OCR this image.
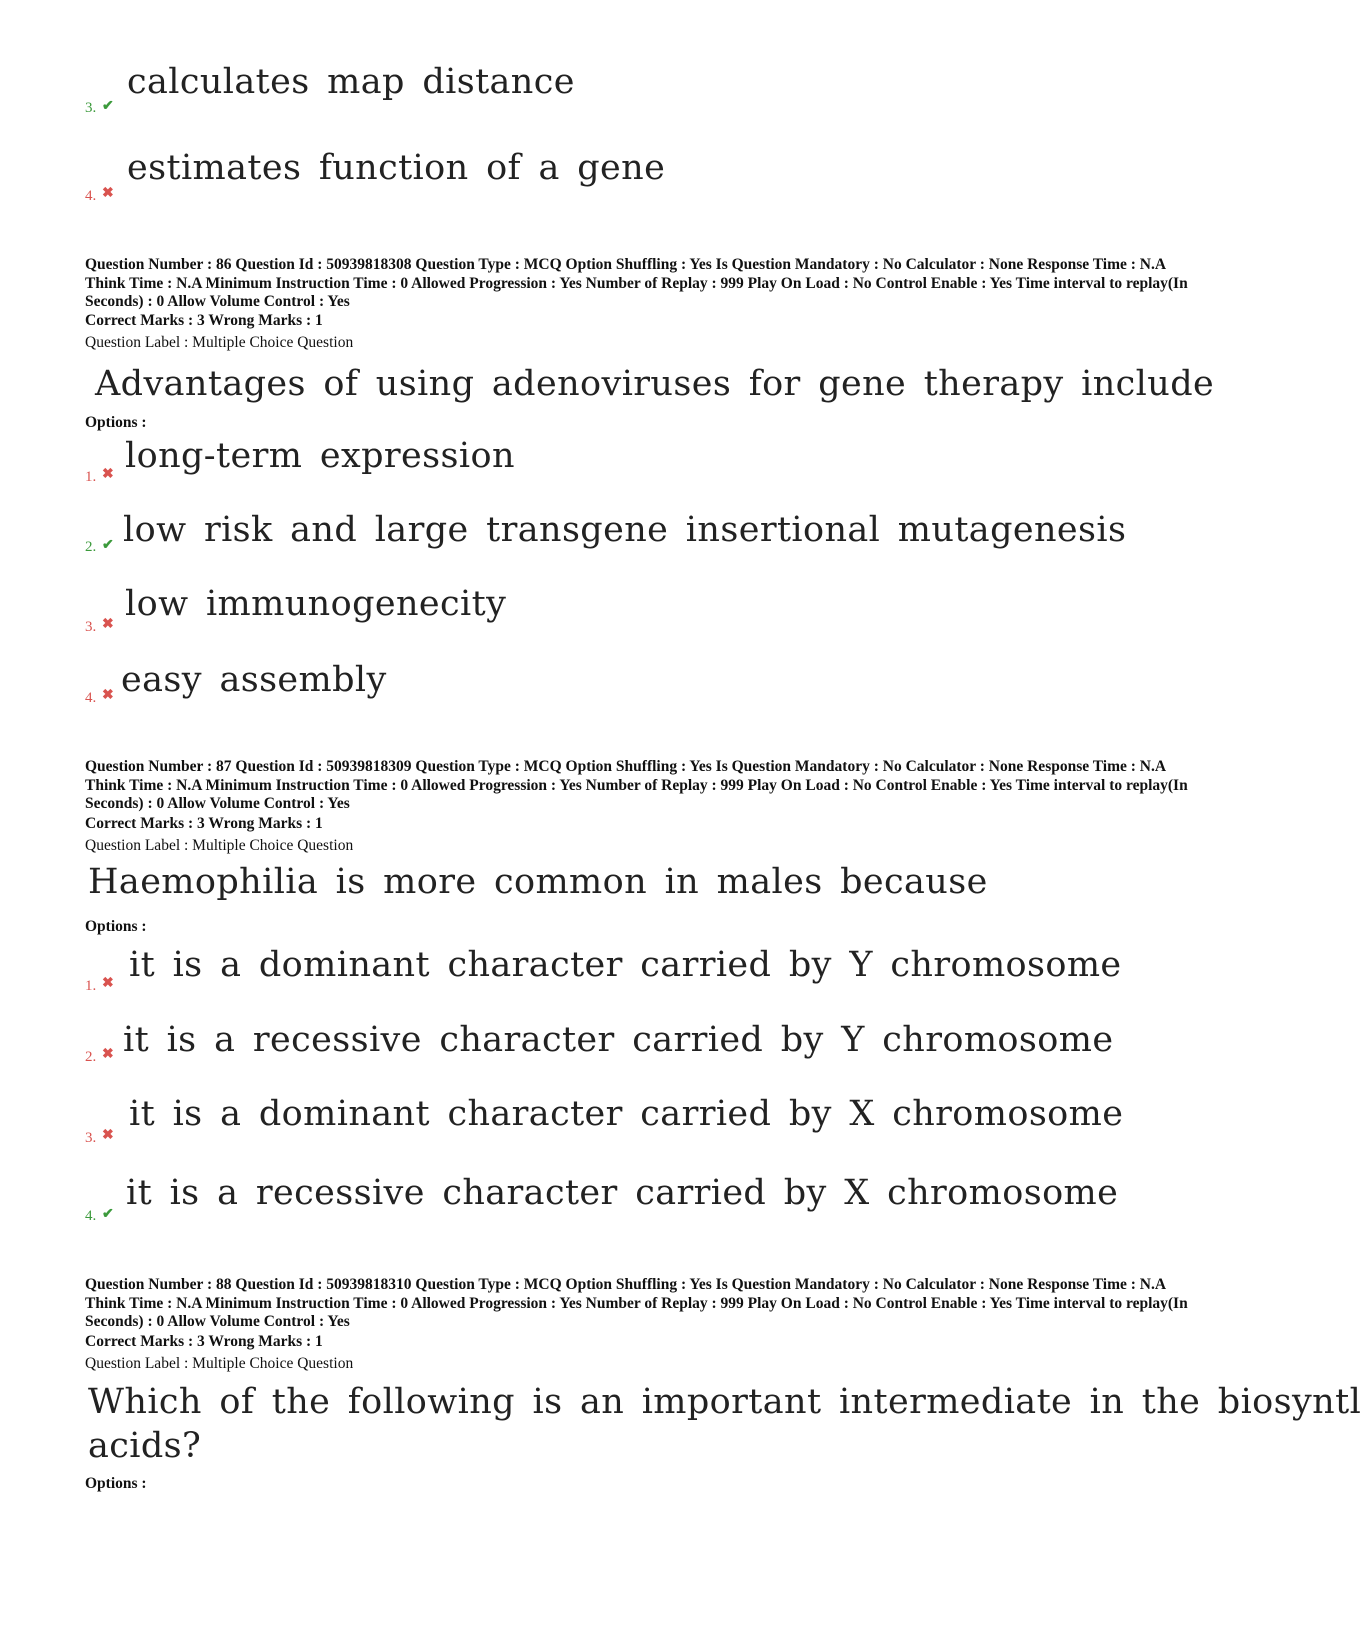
calculates map distance
3. ✔
estimates function of a gene
4. ✖
Question Number : 86 Question Id : 50939818308 Question Type : MCQ Option Shuffling : Yes Is Question Mandatory : No Calculator : None Response Time : N.A Think Time : N.A Minimum Instruction Time : 0 Allowed Progression : Yes Number of Replay : 999 Play On Load : No Control Enable : Yes Time interval to replay(In Seconds) : 0 Allow Volume Control : Yes
Correct Marks : 3 Wrong Marks : 1
Question Label : Multiple Choice Question
Advantages of using adenoviruses for gene therapy include
Options :
long-term expression
1. ✖
low risk and large transgene insertional mutagenesis
2. ✔
low immunogenecity
3. ✖
easy assembly
4. ✖
Question Number : 87 Question Id : 50939818309 Question Type : MCQ Option Shuffling : Yes Is Question Mandatory : No Calculator : None Response Time : N.A Think Time : N.A Minimum Instruction Time : 0 Allowed Progression : Yes Number of Replay : 999 Play On Load : No Control Enable : Yes Time interval to replay(In Seconds) : 0 Allow Volume Control : Yes
Correct Marks : 3 Wrong Marks : 1
Question Label : Multiple Choice Question
Haemophilia is more common in males because
Options :
it is a dominant character carried by Y chromosome
1. ✖
it is a recessive character carried by Y chromosome
2. ✖
it is a dominant character carried by X chromosome
3. ✖
it is a recessive character carried by X chromosome
4. ✔
Question Number : 88 Question Id : 50939818310 Question Type : MCQ Option Shuffling : Yes Is Question Mandatory : No Calculator : None Response Time : N.A Think Time : N.A Minimum Instruction Time : 0 Allowed Progression : Yes Number of Replay : 999 Play On Load : No Control Enable : Yes Time interval to replay(In Seconds) : 0 Allow Volume Control : Yes
Correct Marks : 3 Wrong Marks : 1
Question Label : Multiple Choice Question
Which of the following is an important intermediate in the biosyntl
acids?
Options :
